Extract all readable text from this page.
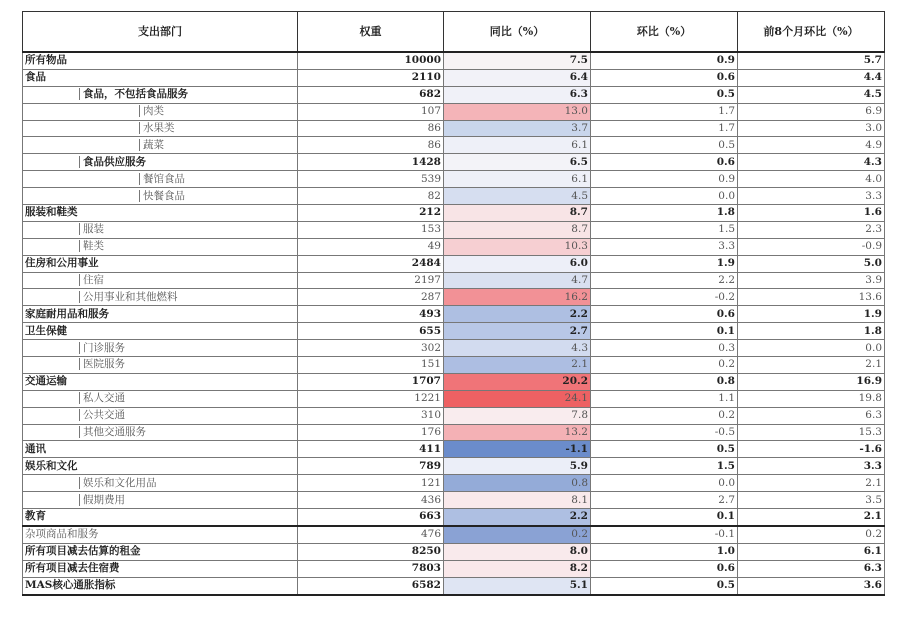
支出部门	权重	同比（%）	环比（%）	前8个月环比（%）
所有物品	10000	7.5	0.9	5.7
食品	2110	6.4	0.6	4.4
食品，不包括食品服务	682	6.3	0.5	4.5
肉类	107	13.0	1.7	6.9
水果类	86	3.7	1.7	3.0
蔬菜	86	6.1	0.5	4.9
食品供应服务	1428	6.5	0.6	4.3
餐馆食品	539	6.1	0.9	4.0
快餐食品	82	4.5	0.0	3.3
服装和鞋类	212	8.7	1.8	1.6
服装	153	8.7	1.5	2.3
鞋类	49	10.3	3.3	-0.9
住房和公用事业	2484	6.0	1.9	5.0
住宿	2197	4.7	2.2	3.9
公用事业和其他燃料	287	16.2	-0.2	13.6
家庭耐用品和服务	493	2.2	0.6	1.9
卫生保健	655	2.7	0.1	1.8
门诊服务	302	4.3	0.3	0.0
医院服务	151	2.1	0.2	2.1
交通运输	1707	20.2	0.8	16.9
私人交通	1221	24.1	1.1	19.8
公共交通	310	7.8	0.2	6.3
其他交通服务	176	13.2	-0.5	15.3
通讯	411	-1.1	0.5	-1.6
娱乐和文化	789	5.9	1.5	3.3
娱乐和文化用品	121	0.8	0.0	2.1
假期费用	436	8.1	2.7	3.5
教育	663	2.2	0.1	2.1
杂项商品和服务	476	0.2	-0.1	0.2
所有项目减去估算的租金	8250	8.0	1.0	6.1
所有项目减去住宿费	7803	8.2	0.6	6.3
MAS核心通胀指标	6582	5.1	0.5	3.6
